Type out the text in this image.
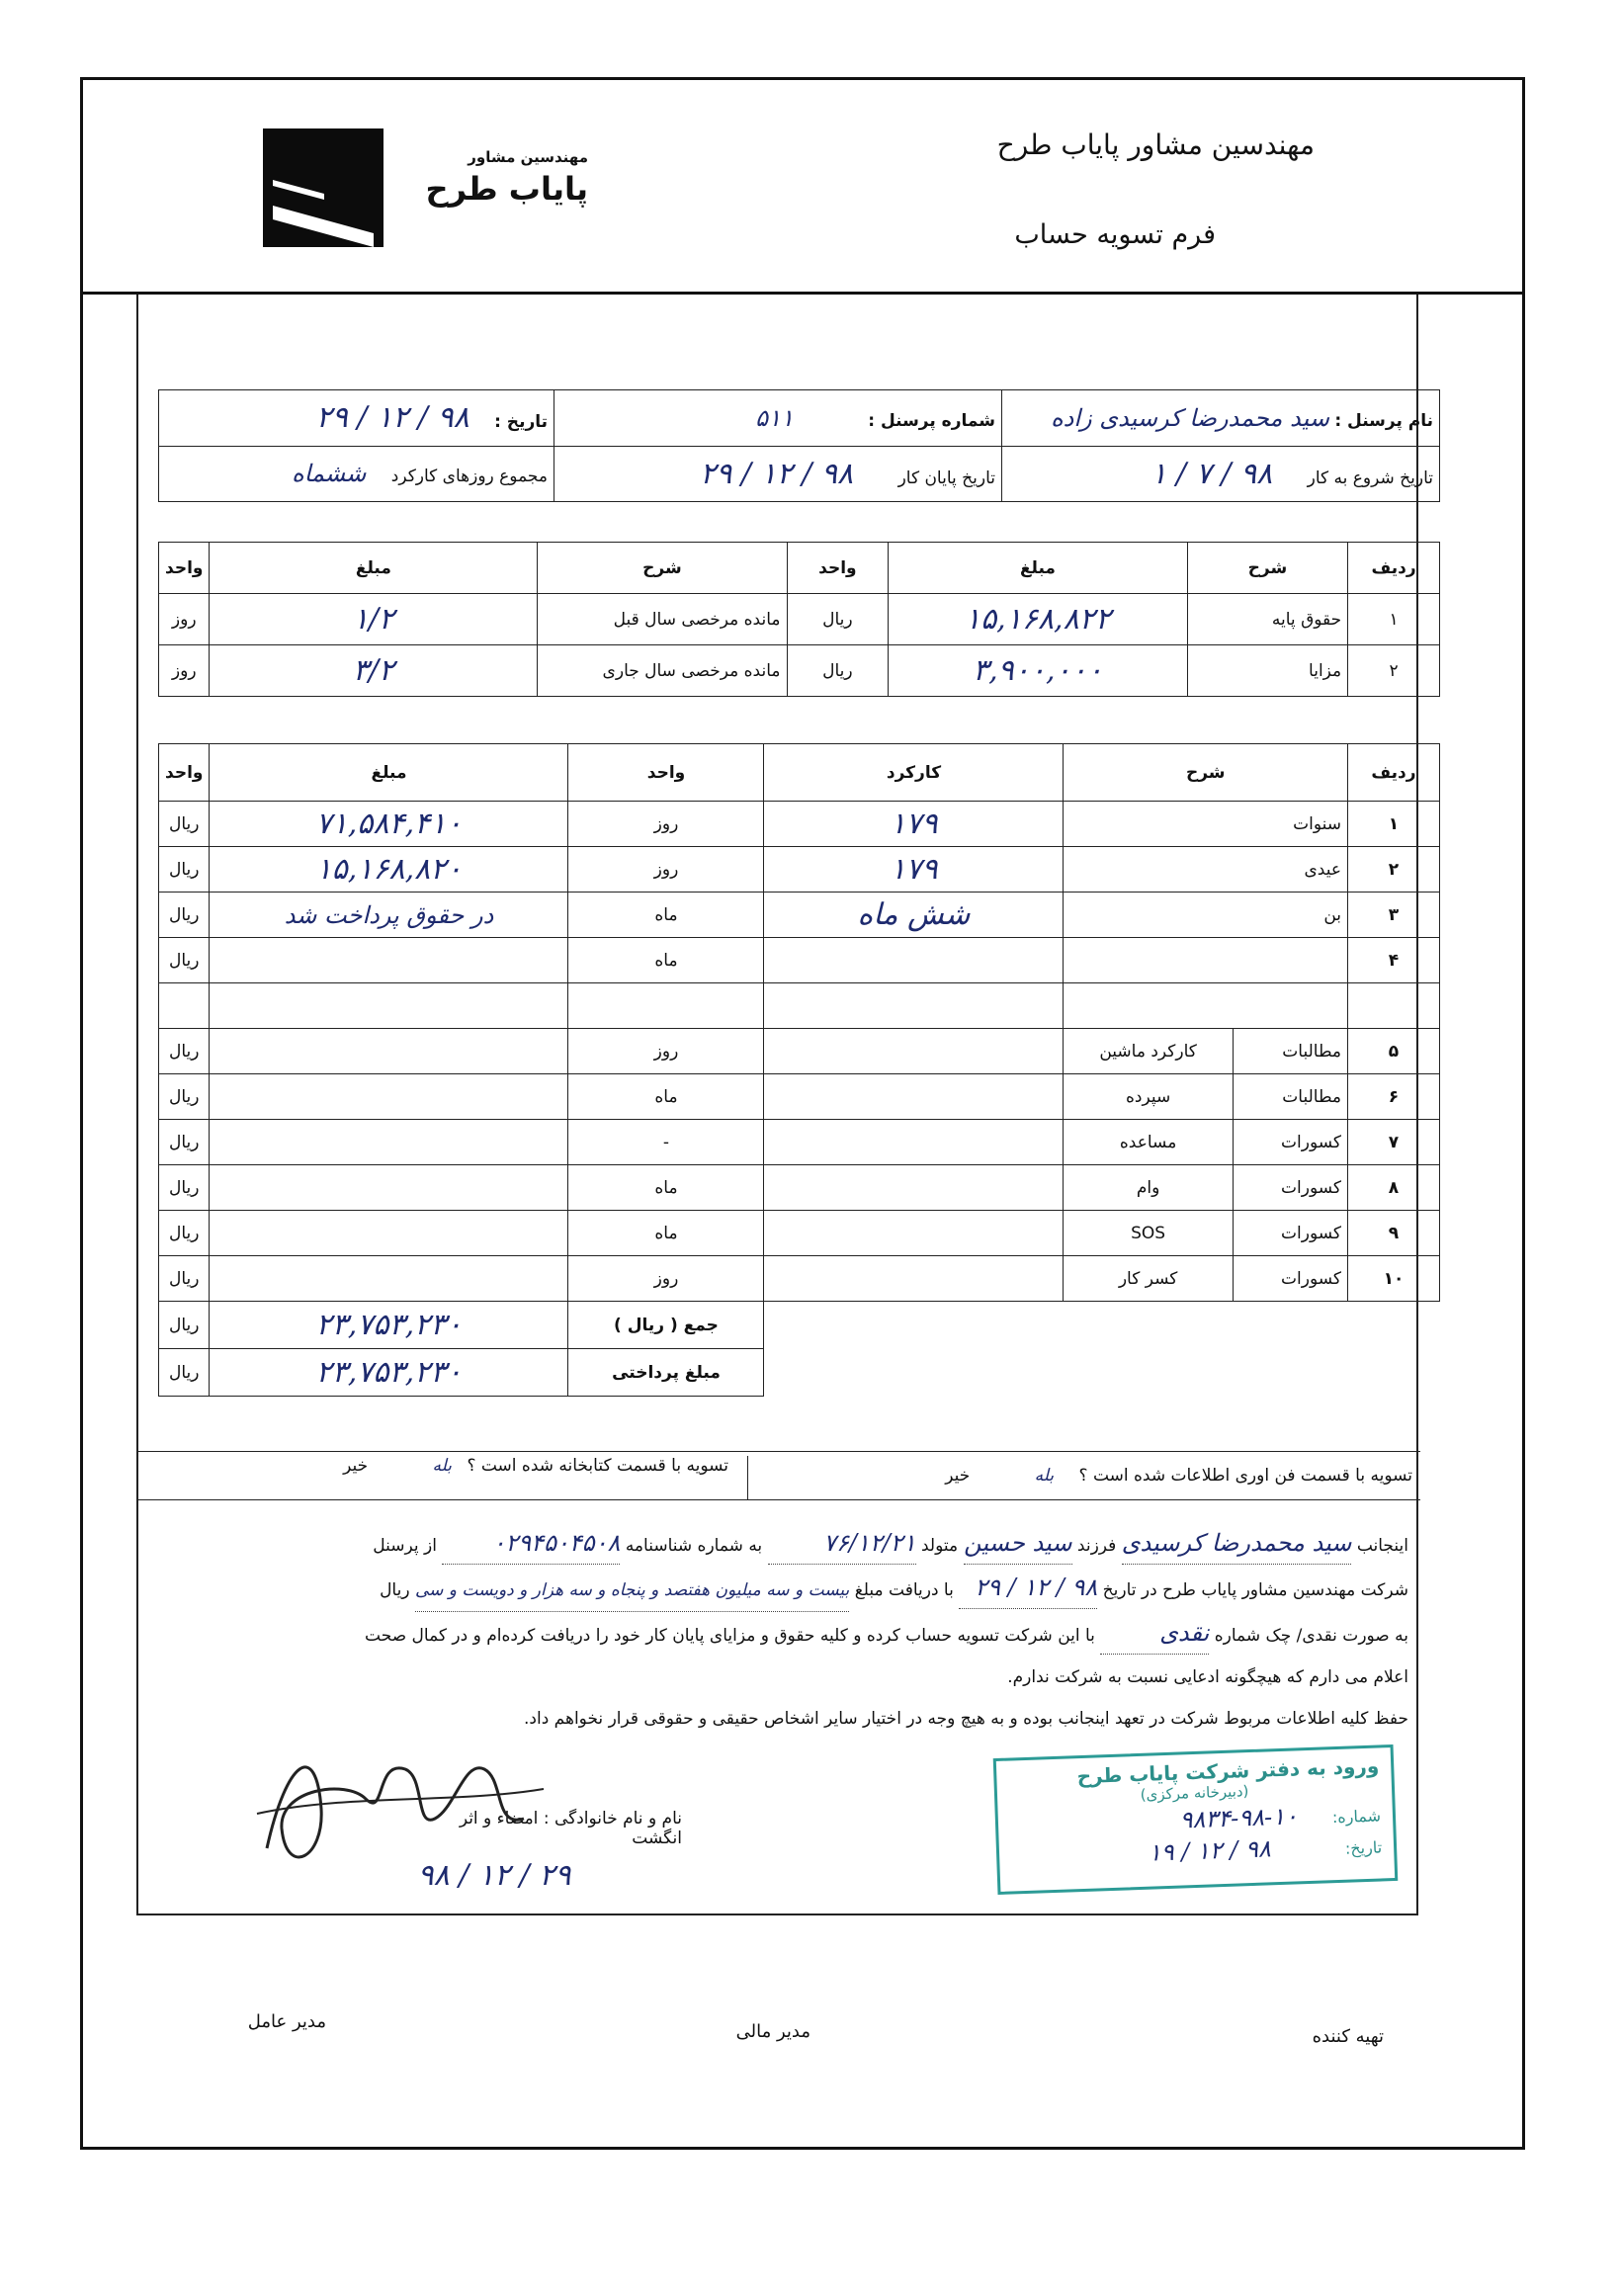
مهندسین مشاور پایاب طرح
فرم تسویه حساب
مهندسین مشاور
پایاب طرح
نام پرسنل : سید محمدرضا کرسیدی زاده	شماره پرسنل : ۵۱۱	تاریخ : ۹۸ / ۱۲ / ۲۹
تاریخ شروع به کار ۹۸ / ۷ / ۱	تاریخ پایان کار ۹۸ / ۱۲ / ۲۹	مجموع روزهای کارکرد ششماه
ردیف	شرح	مبلغ	واحد	شرح	مبلغ	واحد
۱	حقوق پایه	۱۵,۱۶۸,۸۲۲	ریال	مانده مرخصی سال قبل	۱/۲	روز
۲	مزایا	۳,۹۰۰,۰۰۰	ریال	مانده مرخصی سال جاری	۳/۲	روز
ردیف	شرح		کارکرد	واحد	مبلغ	واحد
۱	سنوات		۱۷۹	روز	۷۱,۵۸۴,۴۱۰	ریال
۲	عیدی		۱۷۹	روز	۱۵,۱۶۸,۸۲۰	ریال
۳	بن		شش ماه	ماه	در حقوق پرداخت شد	ریال
۴				ماه		ریال

۵	مطالبات	کارکرد ماشین		روز		ریال
۶	مطالبات	سپرده		ماه		ریال
۷	کسورات	مساعده		-		ریال
۸	کسورات	وام		ماه		ریال
۹	کسورات	SOS		ماه		ریال
۱۰	کسورات	کسر کار		روز		ریال
				جمع ( ریال )	۲۳,۷۵۳,۲۳۰	ریال
				مبلغ پرداختی	۲۳,۷۵۳,۲۳۰	ریال
تسویه با قسمت فن اوری اطلاعات شده است ؟ بله خیر
تسویه با قسمت کتابخانه شده است ؟ بله خیر
اینجانب سید محمدرضا کرسیدی فرزند سید حسین متولد ۷۶/۱۲/۲۱ به شماره شناسنامه ۰۲۹۴۵۰۴۵۰۸ از پرسنل
شرکت مهندسین مشاور پایاب طرح در تاریخ ۹۸ / ۱۲ / ۲۹ با دریافت مبلغ بیست و سه میلیون هفتصد و پنجاه و سه هزار و دویست و سی ریال
به صورت نقدی/ چک شماره نقدی با این شرکت تسویه حساب کرده و کلیه حقوق و مزایای پایان کار خود را دریافت کرده‌ام و در کمال صحت
اعلام می دارم که هیچگونه ادعایی نسبت به شرکت ندارم.
حفظ کلیه اطلاعات مربوط شرکت در تعهد اینجانب بوده و به هیچ وجه در اختیار سایر اشخاص حقیقی و حقوقی قرار نخواهم داد.
نام و نام خانوادگی : امضاء و اثر انگشت
۹۸ / ۱۲ / ۲۹
ورود به دفتر شرکت پایاب طرح
(دبیرخانه مرکزی)
شماره: ۱۰-۹۸-۹۸۳۴
تاریخ: ۹۸ / ۱۲ / ۱۹
تهیه کننده
مدیر مالی
مدیر عامل
